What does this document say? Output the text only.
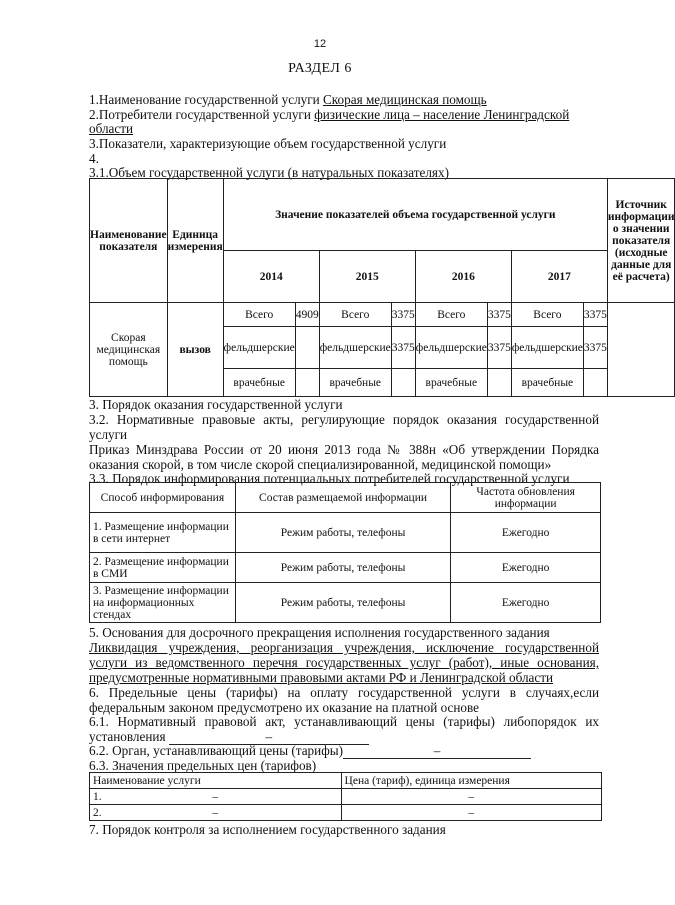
12
РАЗДЕЛ 6
1.Наименование государственной услуги Скорая медицинская помощь
2.Потребители государственной услуги физические лица – население Ленинградской
области
3.Показатели, характеризующие объем государственной услуги
4.
3.1.Объем государственной услуги (в натуральных показателях)
Наименование показателя	Единица измерения	Значение показателей объема государственной услуги								Источник информации о значении показателя (исходные данные для её расчета)
		2014		2015		2016		2017		
Скорая медицинская помощь	вызов	Всего	4909	Всего	3375	Всего	3375	Всего	3375	
		фельдшерские		фельдшерские	3375	фельдшерские	3375	фельдшерские	3375	
		врачебные		врачебные		врачебные		врачебные		
3. Порядок оказания государственной услуги
3.2. Нормативные правовые акты, регулирующие порядок оказания государственной услуги
Приказ Минздрава России от 20 июня 2013 года № 388н «Об утверждении Порядка оказания скорой, в том числе скорой специализированной, медицинской помощи»
3.3. Порядок информирования потенциальных потребителей государственной услуги
Способ информирования	Состав размещаемой информации	Частота обновления информации
1. Размещение информации в сети интернет	Режим работы, телефоны	Ежегодно
2. Размещение информации в СМИ	Режим работы, телефоны	Ежегодно
3. Размещение информации на информационных стендах	Режим работы, телефоны	Ежегодно
5. Основания для досрочного прекращения исполнения государственного задания
Ликвидация учреждения, реорганизация учреждения, исключение государственной услуги из ведомственного перечня государственных услуг (работ), иные основания, предусмотренные нормативными правовыми актами РФ и Ленинградской области
6. Предельные цены (тарифы) на оплату государственной услуги в случаях,если федеральным законом предусмотрено их оказание на платной основе
6.1. Нормативный правовой акт, устанавливающий цены (тарифы) либопорядок их установления	–
6.2. Орган, устанавливающий цены (тарифы)	–
6.3. Значения предельных цен (тарифов)
Наименование услуги	Цена (тариф), единица измерения

1. –	–

2. –	–
7. Порядок контроля за исполнением государственного задания
